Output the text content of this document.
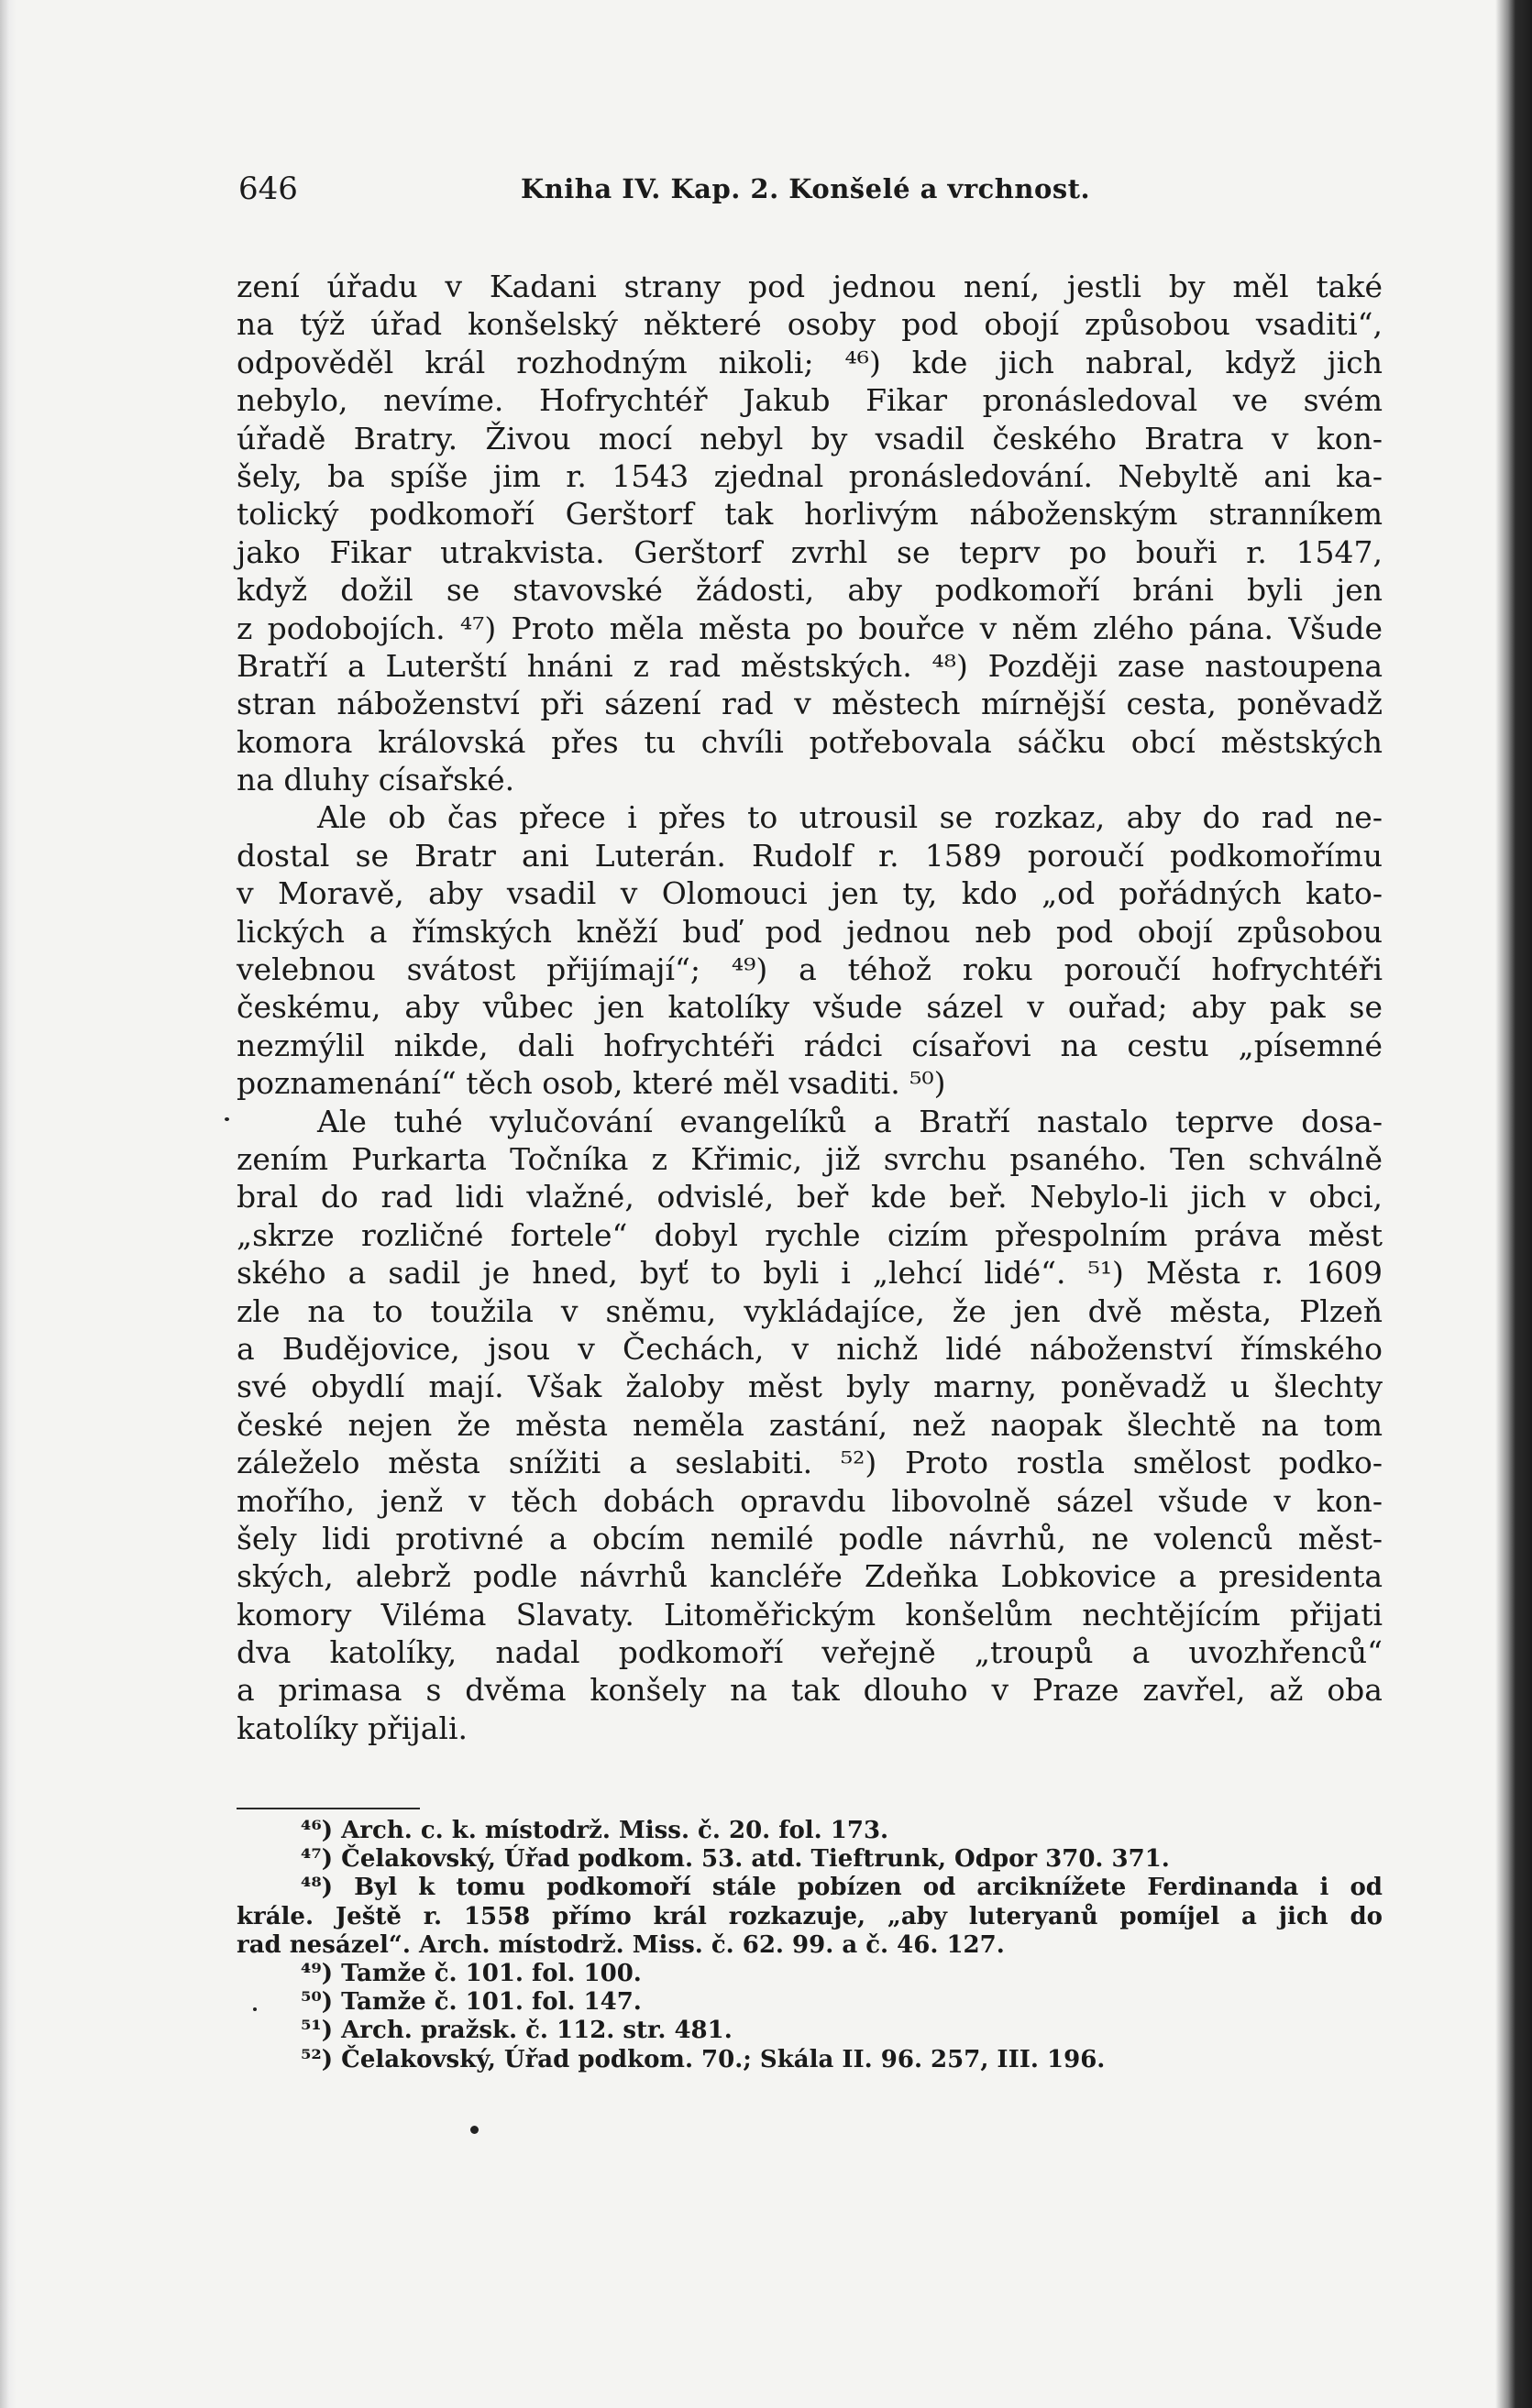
646	Kniha IV. Kap. 2. Konšelé a vrchnost.
zení úřadu v Kadani strany pod jednou není, jestli by měl také
na týž úřad konšelský některé osoby pod obojí způsobou vsaditi“,
odpověděl král rozhodným nikoli; ⁴⁶) kde jich nabral, když jich
nebylo, nevíme. Hofrychtéř Jakub Fikar pronásledoval ve svém
úřadě Bratry. Živou mocí nebyl by vsadil českého Bratra v kon-
šely, ba spíše jim r. 1543 zjednal pronásledování. Nebyltě ani ka-
tolický podkomoří Gerštorf tak horlivým náboženským stranníkem
jako Fikar utrakvista. Gerštorf zvrhl se teprv po bouři r. 1547,
když dožil se stavovské žádosti, aby podkomoří bráni byli jen
z podobojích. ⁴⁷) Proto měla města po bouřce v něm zlého pána. Všude
Bratří a Luterští hnáni z rad městských. ⁴⁸) Později zase nastoupena
stran náboženství při sázení rad v městech mírnější cesta, poněvadž
komora královská přes tu chvíli potřebovala sáčku obcí městských
na dluhy císařské.
Ale ob čas přece i přes to utrousil se rozkaz, aby do rad ne-
dostal se Bratr ani Luterán. Rudolf r. 1589 poroučí podkomořímu
v Moravě, aby vsadil v Olomouci jen ty, kdo „od pořádných kato-
lických a římských kněží buď pod jednou neb pod obojí způsobou
velebnou svátost přijímají“; ⁴⁹) a téhož roku poroučí hofrychtéři
českému, aby vůbec jen katolíky všude sázel v ouřad; aby pak se
nezmýlil nikde, dali hofrychtéři rádci císařovi na cestu „písemné
poznamenání“ těch osob, které měl vsaditi. ⁵⁰)
Ale tuhé vylučování evangelíků a Bratří nastalo teprve dosa-
zením Purkarta Točníka z Křimic, již svrchu psaného. Ten schválně
bral do rad lidi vlažné, odvislé, beř kde beř. Nebylo-li jich v obci,
„skrze rozličné fortele“ dobyl rychle cizím přespolním práva měst
ského a sadil je hned, byť to byli i „lehcí lidé“. ⁵¹) Města r. 1609
zle na to toužila v sněmu, vykládajíce, že jen dvě města, Plzeň
a Budějovice, jsou v Čechách, v nichž lidé náboženství římského
své obydlí mají. Však žaloby měst byly marny, poněvadž u šlechty
české nejen že města neměla zastání, než naopak šlechtě na tom
záleželo města snížiti a seslabiti. ⁵²) Proto rostla smělost podko-
mořího, jenž v těch dobách opravdu libovolně sázel všude v kon-
šely lidi protivné a obcím nemilé podle návrhů, ne volenců měst-
ských, alebrž podle návrhů kancléře Zdeňka Lobkovice a presidenta
komory Viléma Slavaty. Litoměřickým konšelům nechtějícím přijati
dva katolíky, nadal podkomoří veřejně „troupů a uvozhřenců“
a primasa s dvěma konšely na tak dlouho v Praze zavřel, až oba
katolíky přijali.
⁴⁶) Arch. c. k. místodrž. Miss. č. 20. fol. 173.
⁴⁷) Čelakovský, Úřad podkom. 53. atd. Tieftrunk, Odpor 370. 371.
⁴⁸) Byl k tomu podkomoří stále pobízen od arciknížete Ferdinanda i od
krále. Ještě r. 1558 přímo král rozkazuje, „aby luteryanů pomíjel a jich do
rad nesázel“. Arch. místodrž. Miss. č. 62. 99. a č. 46. 127.
⁴⁹) Tamže č. 101. fol. 100.
⁵⁰) Tamže č. 101. fol. 147.
⁵¹) Arch. pražsk. č. 112. str. 481.
⁵²) Čelakovský, Úřad podkom. 70.; Skála II. 96. 257, III. 196.
